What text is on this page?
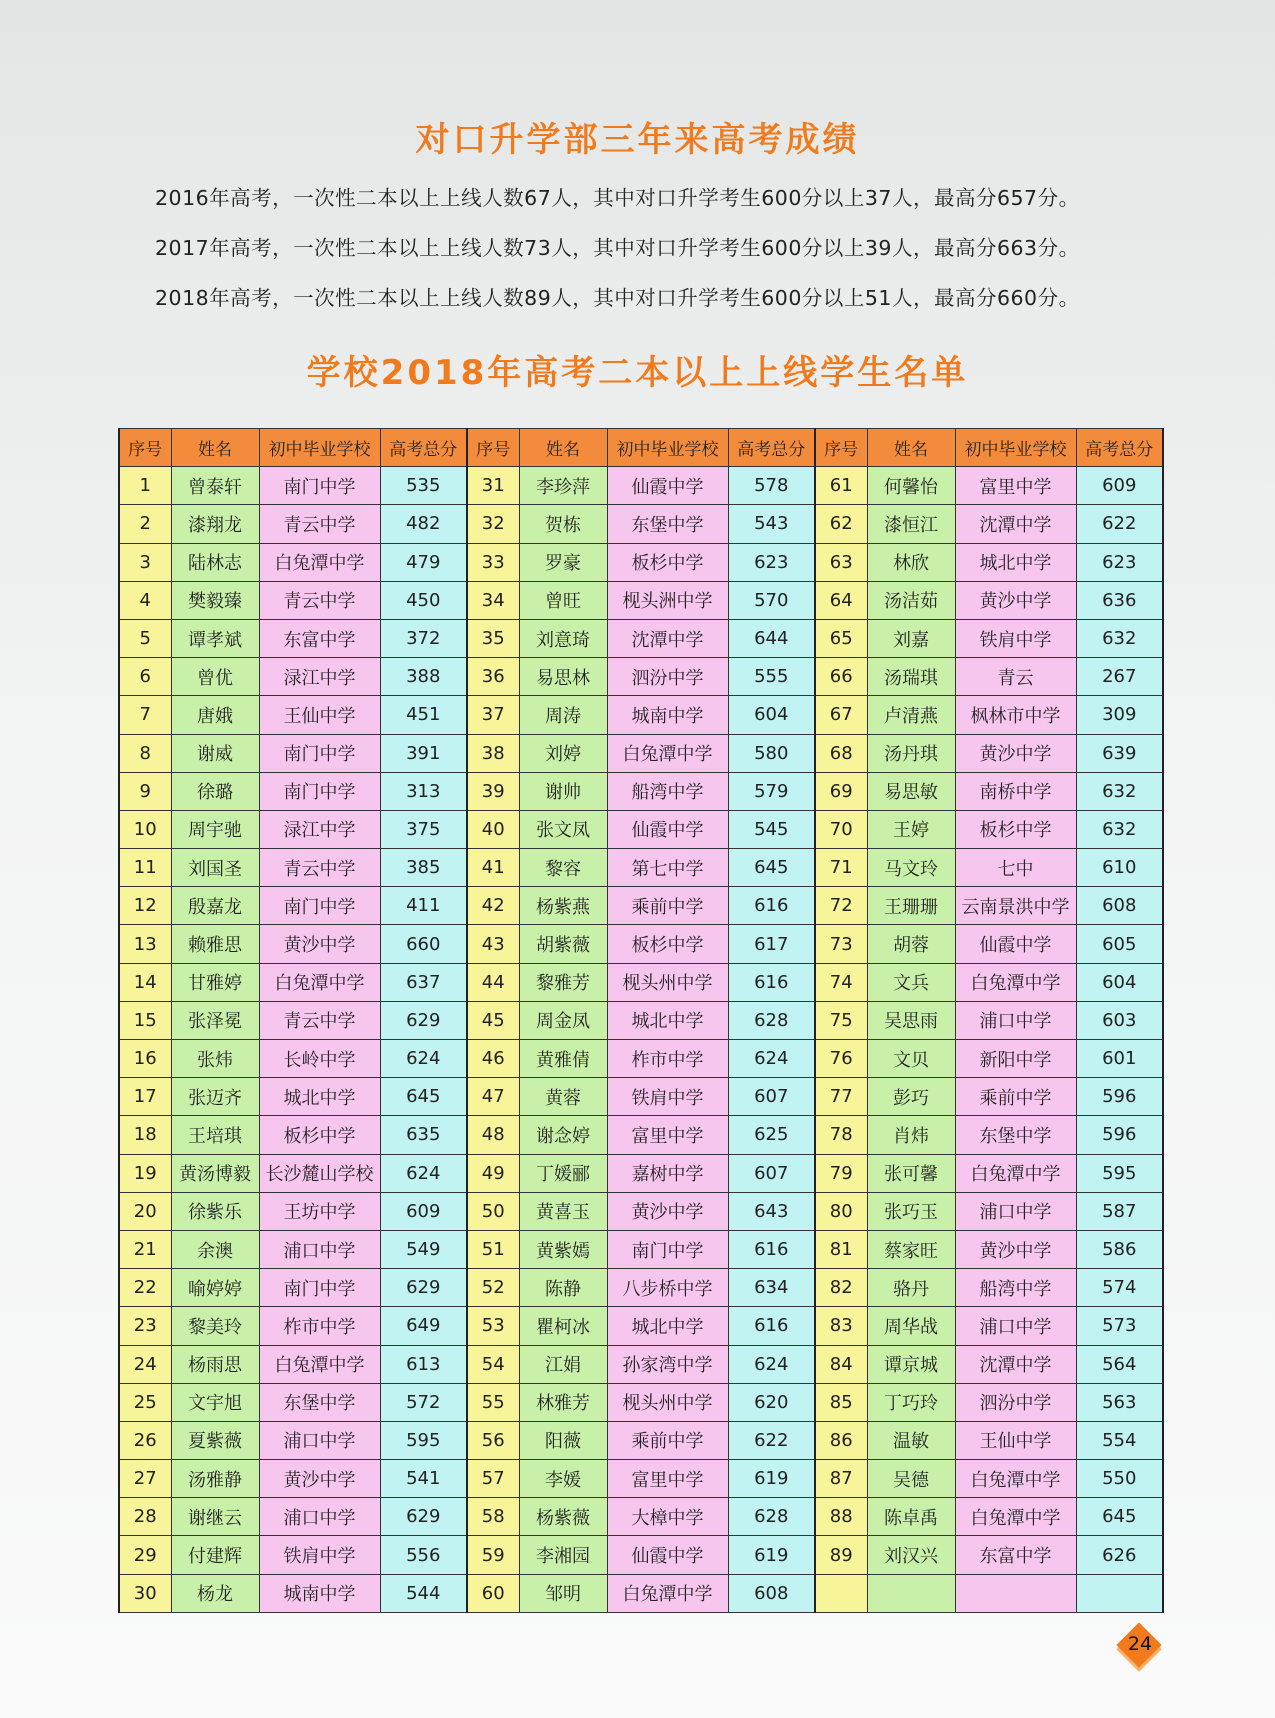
对口升学部三年来高考成绩

2016年高考，一次性二本以上上线人数67人，其中对口升学考生600分以上37人，最高分657分。

2017年高考，一次性二本以上上线人数73人，其中对口升学考生600分以上39人，最高分663分。

2018年高考，一次性二本以上上线人数89人，其中对口升学考生600分以上51人，最高分660分。

学校2018年高考二本以上上线学生名单
序号	姓名	初中毕业学校	高考总分	序号	姓名	初中毕业学校	高考总分	序号	姓名	初中毕业学校	高考总分
1	曾泰轩	南门中学	535	31	李珍萍	仙霞中学	578	61	何馨怡	富里中学	609
2	漆翔龙	青云中学	482	32	贺栋	东堡中学	543	62	漆恒江	沈潭中学	622
3	陆林志	白兔潭中学	479	33	罗豪	板杉中学	623	63	林欣	城北中学	623
4	樊毅臻	青云中学	450	34	曾旺	枧头洲中学	570	64	汤洁茹	黄沙中学	636
5	谭孝斌	东富中学	372	35	刘意琦	沈潭中学	644	65	刘嘉	铁肩中学	632
6	曾优	渌江中学	388	36	易思林	泗汾中学	555	66	汤瑞琪	青云	267
7	唐娥	王仙中学	451	37	周涛	城南中学	604	67	卢清燕	枫林市中学	309
8	谢威	南门中学	391	38	刘婷	白兔潭中学	580	68	汤丹琪	黄沙中学	639
9	徐璐	南门中学	313	39	谢帅	船湾中学	579	69	易思敏	南桥中学	632
10	周宇驰	渌江中学	375	40	张文凤	仙霞中学	545	70	王婷	板杉中学	632
11	刘国圣	青云中学	385	41	黎容	第七中学	645	71	马文玲	七中	610
12	殷嘉龙	南门中学	411	42	杨紫燕	乘前中学	616	72	王珊珊	云南景洪中学	608
13	赖雅思	黄沙中学	660	43	胡紫薇	板杉中学	617	73	胡蓉	仙霞中学	605
14	甘雅婷	白兔潭中学	637	44	黎雅芳	枧头州中学	616	74	文兵	白兔潭中学	604
15	张泽冕	青云中学	629	45	周金凤	城北中学	628	75	吴思雨	浦口中学	603
16	张炜	长岭中学	624	46	黄雅倩	柞市中学	624	76	文贝	新阳中学	601
17	张迈齐	城北中学	645	47	黄蓉	铁肩中学	607	77	彭巧	乘前中学	596
18	王培琪	板杉中学	635	48	谢念婷	富里中学	625	78	肖炜	东堡中学	596
19	黄汤博毅	长沙麓山学校	624	49	丁媛郦	嘉树中学	607	79	张可馨	白兔潭中学	595
20	徐紫乐	王坊中学	609	50	黄喜玉	黄沙中学	643	80	张巧玉	浦口中学	587
21	余澳	浦口中学	549	51	黄紫嫣	南门中学	616	81	蔡家旺	黄沙中学	586
22	喻婷婷	南门中学	629	52	陈静	八步桥中学	634	82	骆丹	船湾中学	574
23	黎美玲	柞市中学	649	53	瞿柯冰	城北中学	616	83	周华战	浦口中学	573
24	杨雨思	白兔潭中学	613	54	江娟	孙家湾中学	624	84	谭京城	沈潭中学	564
25	文宇旭	东堡中学	572	55	林雅芳	枧头州中学	620	85	丁巧玲	泗汾中学	563
26	夏紫薇	浦口中学	595	56	阳薇	乘前中学	622	86	温敏	王仙中学	554
27	汤雅静	黄沙中学	541	57	李媛	富里中学	619	87	吴德	白兔潭中学	550
28	谢继云	浦口中学	629	58	杨紫薇	大樟中学	628	88	陈卓禹	白兔潭中学	645
29	付建辉	铁肩中学	556	59	李湘园	仙霞中学	619	89	刘汉兴	东富中学	626
30	杨龙	城南中学	544	60	邹明	白兔潭中学	608				
24
